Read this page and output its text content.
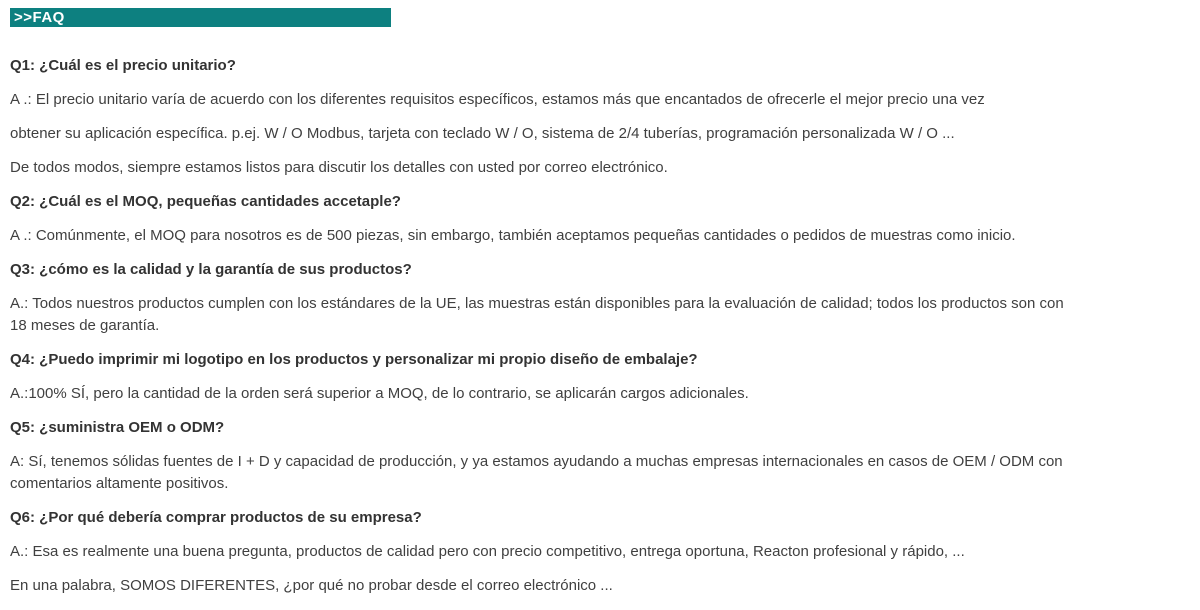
>>FAQ

Q1: ¿Cuál es el precio unitario?

A .: El precio unitario varía de acuerdo con los diferentes requisitos específicos, estamos más que encantados de ofrecerle el mejor precio una vez
obtener su aplicación específica. p.ej. W / O Modbus, tarjeta con teclado W / O, sistema de 2/4 tuberías, programación personalizada W / O ...
De todos modos, siempre estamos listos para discutir los detalles con usted por correo electrónico.

Q2: ¿Cuál es el MOQ, pequeñas cantidades accetaple?

A .: Comúnmente, el MOQ para nosotros es de 500 piezas, sin embargo, también aceptamos pequeñas cantidades o pedidos de muestras como inicio.

Q3: ¿cómo es la calidad y la garantía de sus productos?

A.: Todos nuestros productos cumplen con los estándares de la UE, las muestras están disponibles para la evaluación de calidad; todos los productos son con
18 meses de garantía.

Q4: ¿Puedo imprimir mi logotipo en los productos y personalizar mi propio diseño de embalaje?

A.:100% SÍ, pero la cantidad de la orden será superior a MOQ, de lo contrario, se aplicarán cargos adicionales.

Q5: ¿suministra OEM o ODM?

A: Sí, tenemos sólidas fuentes de I + D y capacidad de producción, y ya estamos ayudando a muchas empresas internacionales en casos de OEM / ODM con
comentarios altamente positivos.

Q6: ¿Por qué debería comprar productos de su empresa?

A.: Esa es realmente una buena pregunta, productos de calidad pero con precio competitivo, entrega oportuna, Reacton profesional y rápido, ...
En una palabra, SOMOS DIFERENTES, ¿por qué no probar desde el correo electrónico ...
